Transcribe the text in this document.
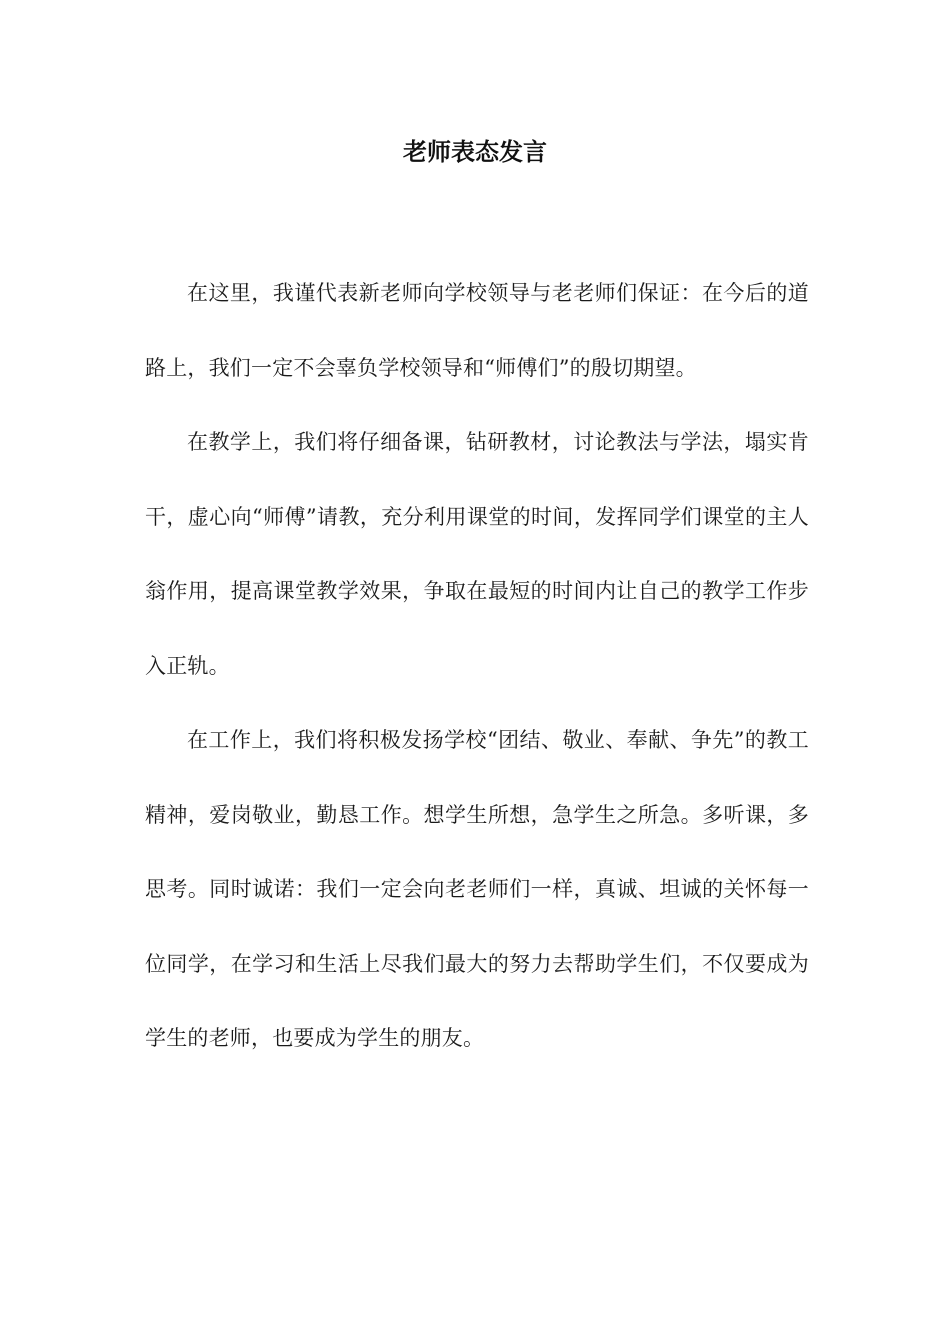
老师表态发言

在这里，我谨代表新老师向学校领导与老老师们保证：在今后的道路上，我们一定不会辜负学校领导和“师傅们”的殷切期望。

在教学上，我们将仔细备课，钻研教材，讨论教法与学法，塌实肯干，虚心向“师傅”请教，充分利用课堂的时间，发挥同学们课堂的主人翁作用，提高课堂教学效果，争取在最短的时间内让自己的教学工作步入正轨。

在工作上，我们将积极发扬学校“团结、敬业、奉献、争先”的教工精神，爱岗敬业，勤恳工作。想学生所想，急学生之所急。多听课，多思考。同时诚诺：我们一定会向老老师们一样，真诚、坦诚的关怀每一位同学，在学习和生活上尽我们最大的努力去帮助学生们，不仅要成为学生的老师，也要成为学生的朋友。
